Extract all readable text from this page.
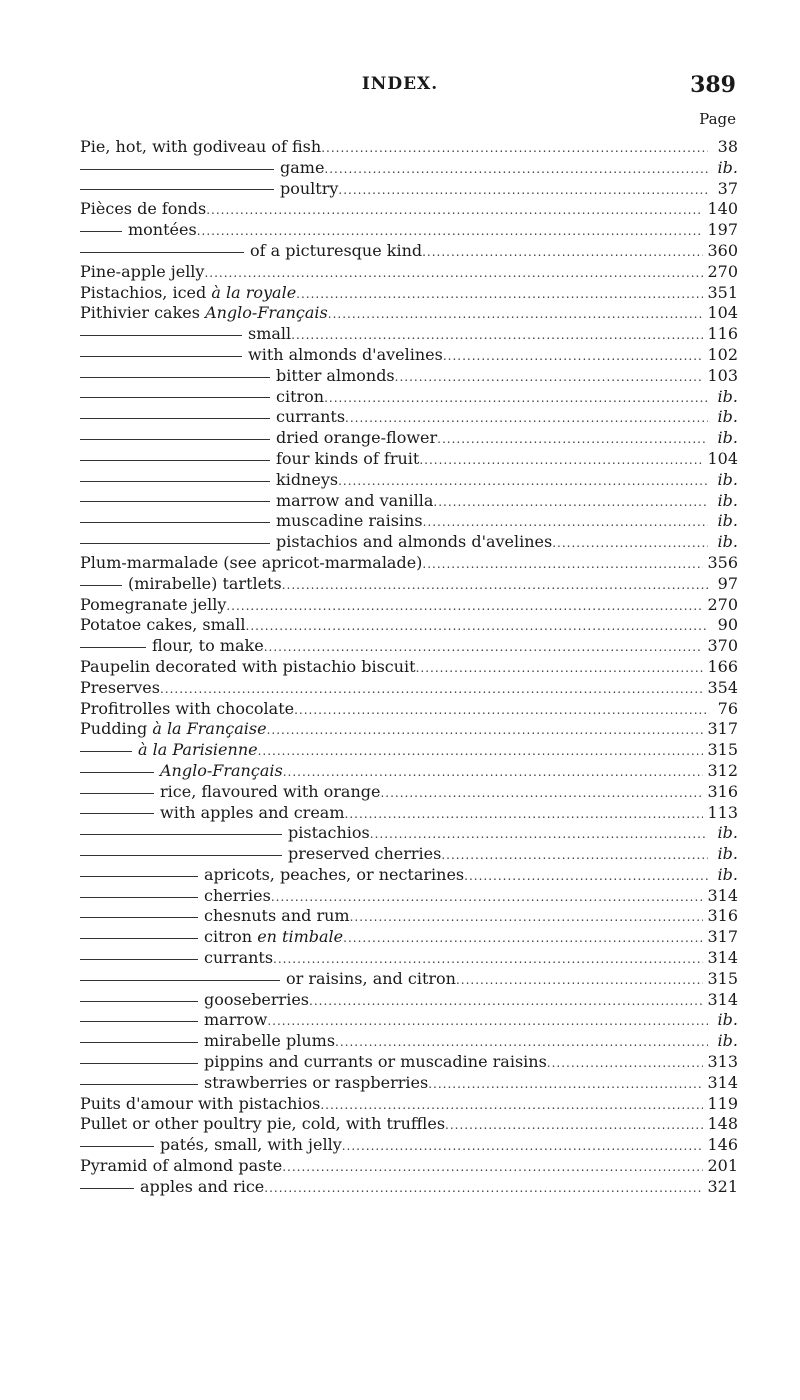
INDEX.	389
Page
Pie, hot, with godiveau of fish .....	38
game .....	ib.
poultry .....	37
Pièces de fonds .....	140
montées .....	197
of a picturesque kind .....	360
Pine-apple jelly .....	270
Pistachios, iced à la royale .....	351
Pithivier cakes Anglo-Français .....	104
small .....	116
with almonds d'avelines .....	102
bitter almonds .....	103
citron .....	ib.
currants .....	ib.
dried orange-flower .....	ib.
four kinds of fruit .....	104
kidneys .....	ib.
marrow and vanilla .....	ib.
muscadine raisins .....	ib.
pistachios and almonds d'avelines .....	ib.
Plum-marmalade (see apricot-marmalade) .....	356
(mirabelle) tartlets .....	97
Pomegranate jelly .....	270
Potatoe cakes, small .....	90
flour, to make .....	370
Paupelin decorated with pistachio biscuit .....	166
Preserves .....	354
Profitrolles with chocolate .....	76
Pudding à la Française .....	317
à la Parisienne .....	315
Anglo-Français .....	312
rice, flavoured with orange .....	316
with apples and cream .....	113
pistachios .....	ib.
preserved cherries .....	ib.
apricots, peaches, or nectarines .....	ib.
cherries .....	314
chesnuts and rum .....	316
citron en timbale .....	317
currants .....	314
or raisins, and citron .....	315
gooseberries .....	314
marrow .....	ib.
mirabelle plums .....	ib.
pippins and currants or muscadine raisins .....	313
strawberries or raspberries .....	314
Puits d'amour with pistachios .....	119
Pullet or other poultry pie, cold, with truffles .....	148
patés, small, with jelly .....	146
Pyramid of almond paste .....	201
apples and rice .....	321
